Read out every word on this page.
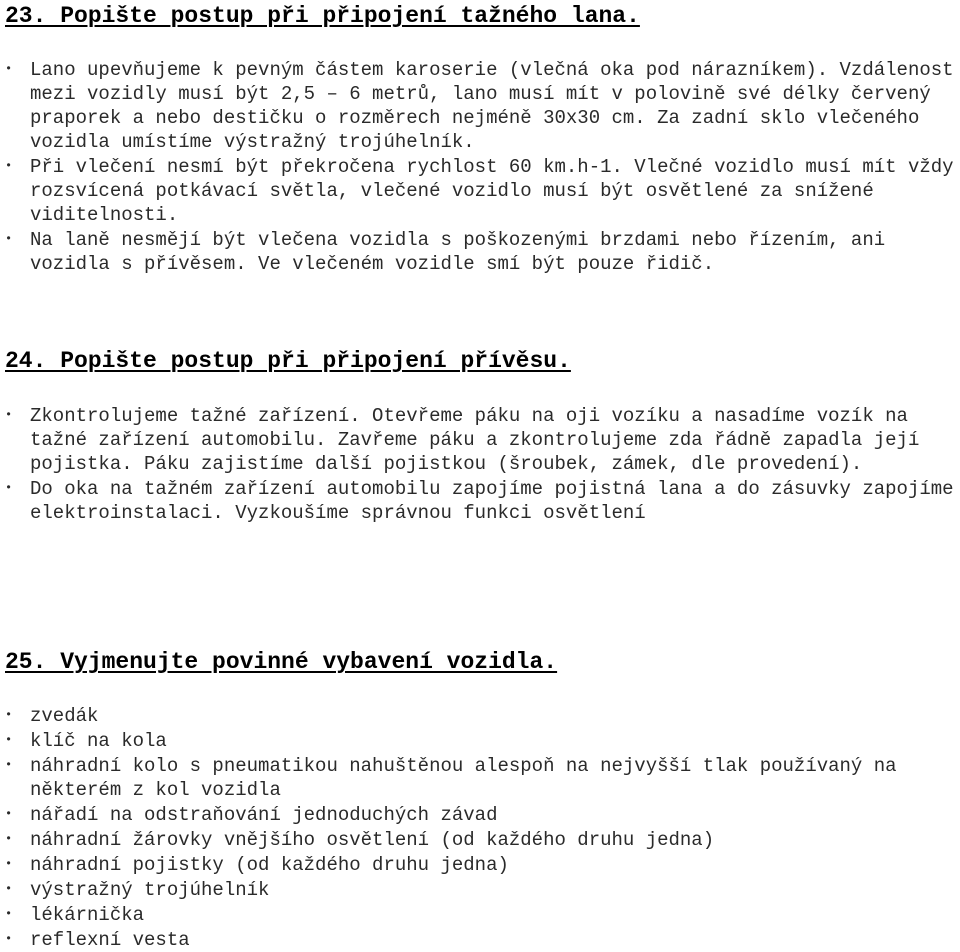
23. Popište postup při připojení tažného lana.

• Lano upevňujeme k pevným částem karoserie (vlečná oka pod nárazníkem). Vzdálenost mezi vozidly musí být 2,5 – 6 metrů, lano musí mít v polovině své délky červený praporek a nebo destičku o rozměrech nejméně 30x30 cm. Za zadní sklo vlečeného vozidla umístíme výstražný trojúhelník.

• Při vlečení nesmí být překročena rychlost 60 km.h-1. Vlečné vozidlo musí mít vždy rozsvícená potkávací světla, vlečené vozidlo musí být osvětlené za snížené viditelnosti.

• Na laně nesmějí být vlečena vozidla s poškozenými brzdami nebo řízením, ani vozidla s přívěsem. Ve vlečeném vozidle smí být pouze řidič.

24. Popište postup při připojení přívěsu.

• Zkontrolujeme tažné zařízení. Otevřeme páku na oji vozíku a nasadíme vozík na tažné zařízení automobilu. Zavřeme páku a zkontrolujeme zda řádně zapadla její pojistka. Páku zajistíme další pojistkou (šroubek, zámek, dle provedení).

• Do oka na tažném zařízení automobilu zapojíme pojistná lana a do zásuvky zapojíme elektroinstalaci. Vyzkoušíme správnou funkci osvětlení

25. Vyjmenujte povinné vybavení vozidla.
• zvedák
• klíč na kola
• náhradní kolo s pneumatikou nahuštěnou alespoň na nejvyšší tlak používaný na některém z kol vozidla
• nářadí na odstraňování jednoduchých závad
• náhradní žárovky vnějšího osvětlení (od každého druhu jedna)
• náhradní pojistky (od každého druhu jedna)
• výstražný trojúhelník
• lékárnička
• reflexní vesta
